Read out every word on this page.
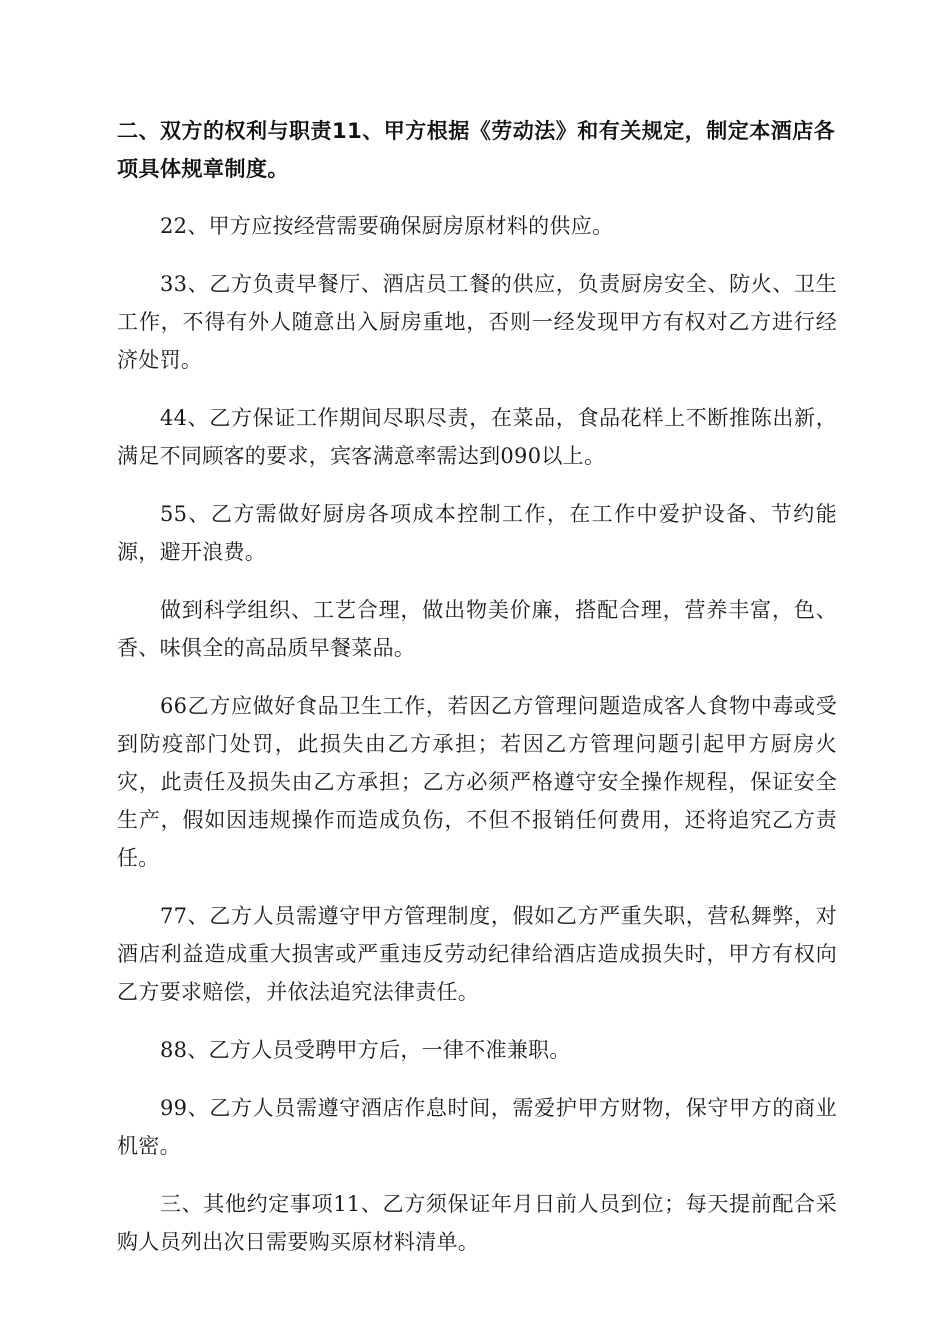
二、双方的权利与职责11、甲方根据《劳动法》和有关规定，制定本酒店各项具体规章制度。

22、甲方应按经营需要确保厨房原材料的供应。

33、乙方负责早餐厅、酒店员工餐的供应，负责厨房安全、防火、卫生工作，不得有外人随意出入厨房重地，否则一经发现甲方有权对乙方进行经济处罚。

44、乙方保证工作期间尽职尽责，在菜品，食品花样上不断推陈出新，满足不同顾客的要求，宾客满意率需达到090以上。

55、乙方需做好厨房各项成本控制工作，在工作中爱护设备、节约能源，避开浪费。

做到科学组织、工艺合理，做出物美价廉，搭配合理，营养丰富，色、香、味俱全的高品质早餐菜品。

66乙方应做好食品卫生工作，若因乙方管理问题造成客人食物中毒或受到防疫部门处罚，此损失由乙方承担；若因乙方管理问题引起甲方厨房火灾，此责任及损失由乙方承担；乙方必须严格遵守安全操作规程，保证安全生产，假如因违规操作而造成负伤，不但不报销任何费用，还将追究乙方责任。

77、乙方人员需遵守甲方管理制度，假如乙方严重失职，营私舞弊，对酒店利益造成重大损害或严重违反劳动纪律给酒店造成损失时，甲方有权向乙方要求赔偿，并依法追究法律责任。

88、乙方人员受聘甲方后，一律不准兼职。

99、乙方人员需遵守酒店作息时间，需爱护甲方财物，保守甲方的商业机密。

三、其他约定事项11、乙方须保证年月日前人员到位；每天提前配合采购人员列出次日需要购买原材料清单。
